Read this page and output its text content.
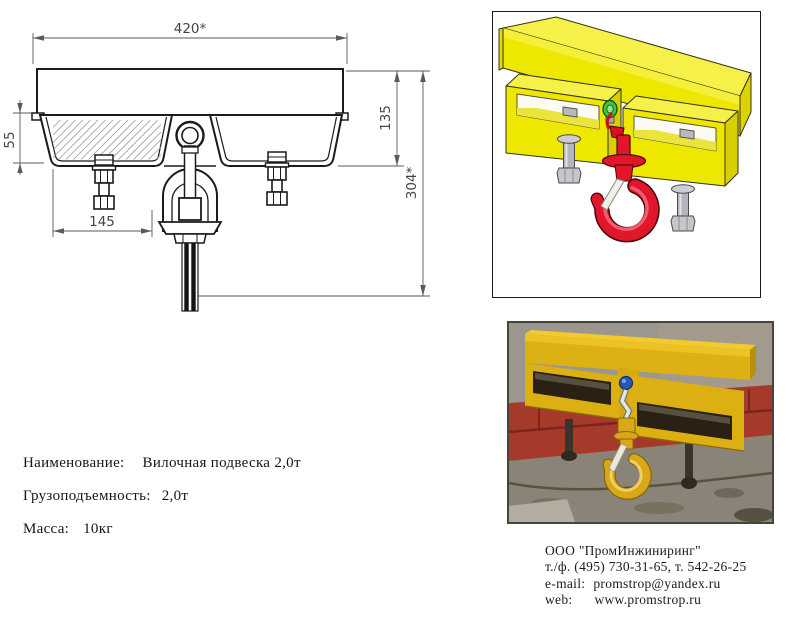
420*
55
145
135
304*
Наименование: Вилочная подвеска 2,0т
Грузоподъемность: 2,0т
Масса: 10кг
ООО "ПромИнжиниринг"
т./ф. (495) 730-31-65, т. 542-26-25
e-mail: promstrop@yandex.ru
web: www.promstrop.ru
